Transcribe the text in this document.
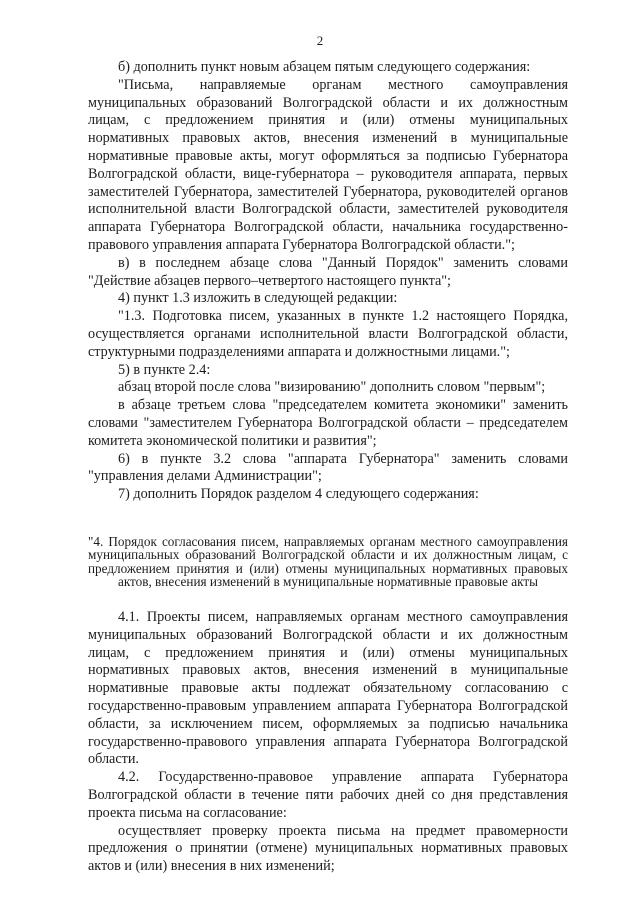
2

б) дополнить пункт новым абзацем пятым следующего содержания:

"Письма, направляемые органам местного самоуправления муниципальных образований Волгоградской области и их должностным лицам, с предложением принятия и (или) отмены муниципальных нормативных правовых актов, внесения изменений в муниципальные нормативные правовые акты, могут оформляться за подписью Губернатора Волгоградской области, вице-губернатора – руководителя аппарата, первых заместителей Губернатора, заместителей Губернатора, руководителей органов исполнительной власти Волгоградской области, заместителей руководителя аппарата Губернатора Волгоградской области, начальника государственно-правового управления аппарата Губернатора Волгоградской области.";

в) в последнем абзаце слова "Данный Порядок" заменить словами "Действие абзацев первого–четвертого настоящего пункта";

4) пункт 1.3 изложить в следующей редакции:

"1.3. Подготовка писем, указанных в пункте 1.2 настоящего Порядка, осуществляется органами исполнительной власти Волгоградской области, структурными подразделениями аппарата и должностными лицами.";

5) в пункте 2.4:

абзац второй после слова "визированию" дополнить словом "первым";

в абзаце третьем слова "председателем комитета экономики" заменить словами "заместителем Губернатора Волгоградской области – председателем комитета экономической политики и развития";

6) в пункте 3.2 слова "аппарата Губернатора" заменить словами "управления делами Администрации";

7) дополнить Порядок разделом 4 следующего содержания:

"4. Порядок согласования писем, направляемых органам местного самоуправления муниципальных образований Волгоградской области и их должностным лицам, с предложением принятия и (или) отмены муниципальных нормативных правовых актов, внесения изменений в муниципальные нормативные правовые акты

4.1. Проекты писем, направляемых органам местного самоуправления муниципальных образований Волгоградской области и их должностным лицам, с предложением принятия и (или) отмены муниципальных нормативных правовых актов, внесения изменений в муниципальные нормативные правовые акты подлежат обязательному согласованию с государственно-правовым управлением аппарата Губернатора Волгоградской области, за исключением писем, оформляемых за подписью начальника государственно-правового управления аппарата Губернатора Волгоградской области.

4.2. Государственно-правовое управление аппарата Губернатора Волгоградской области в течение пяти рабочих дней со дня представления проекта письма на согласование:

осуществляет проверку проекта письма на предмет правомерности предложения о принятии (отмене) муниципальных нормативных правовых актов и (или) внесения в них изменений;
